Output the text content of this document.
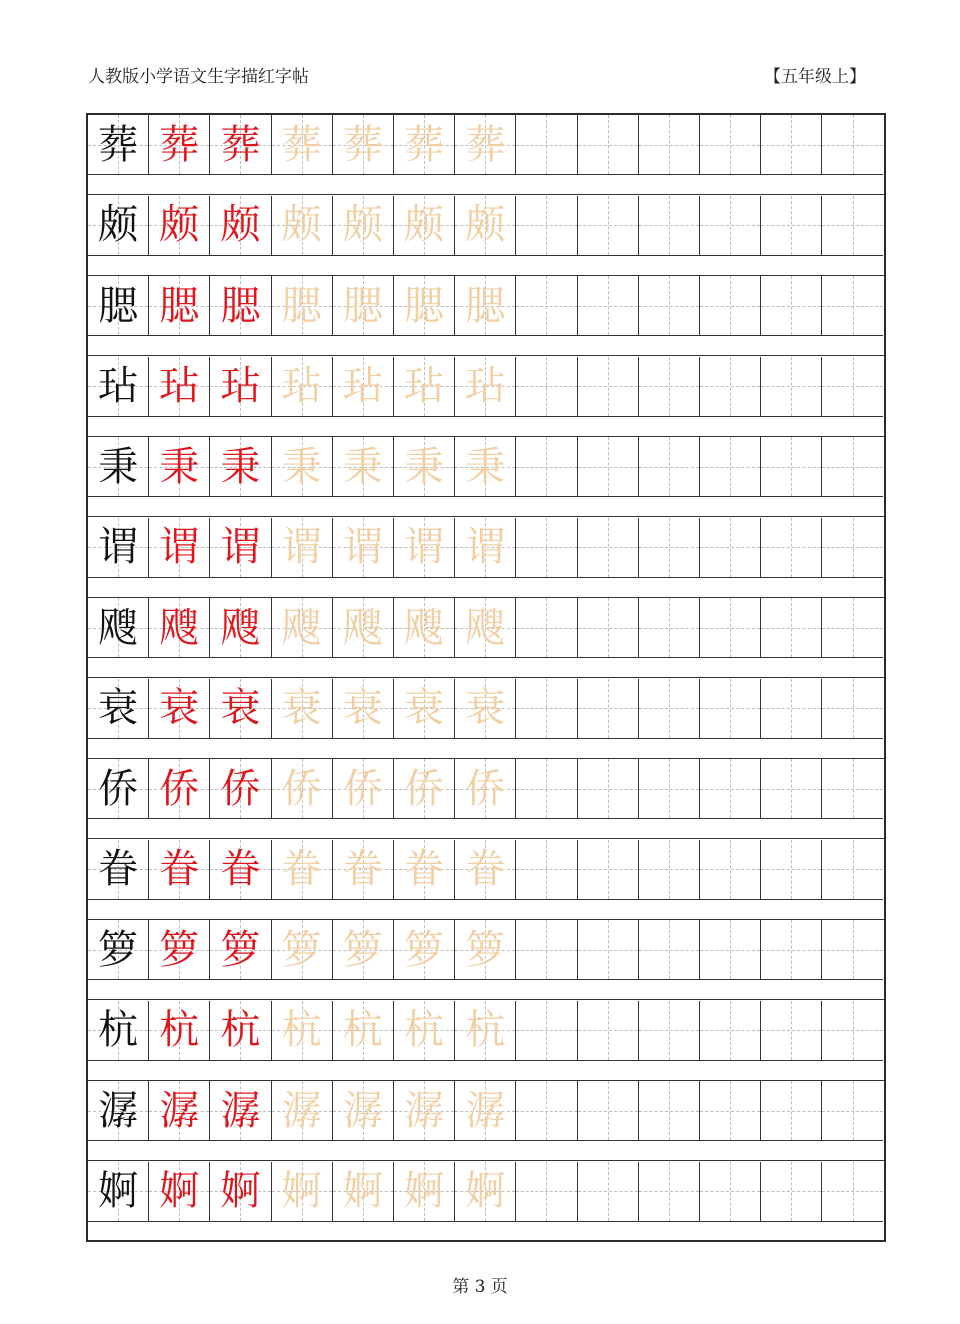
人教版小学语文生字描红字帖	【五年级上】
葬 葬 葬 葬 葬 葬 葬
颇 颇 颇 颇 颇 颇 颇
腮 腮 腮 腮 腮 腮 腮
玷 玷 玷 玷 玷 玷 玷
秉 秉 秉 秉 秉 秉 秉
谓 谓 谓 谓 谓 谓 谓
飕 飕 飕 飕 飕 飕 飕
衰 衰 衰 衰 衰 衰 衰
侨 侨 侨 侨 侨 侨 侨
眷 眷 眷 眷 眷 眷 眷
箩 箩 箩 箩 箩 箩 箩
杭 杭 杭 杭 杭 杭 杭
潺 潺 潺 潺 潺 潺 潺
婀 婀 婀 婀 婀 婀 婀
第 3 页
